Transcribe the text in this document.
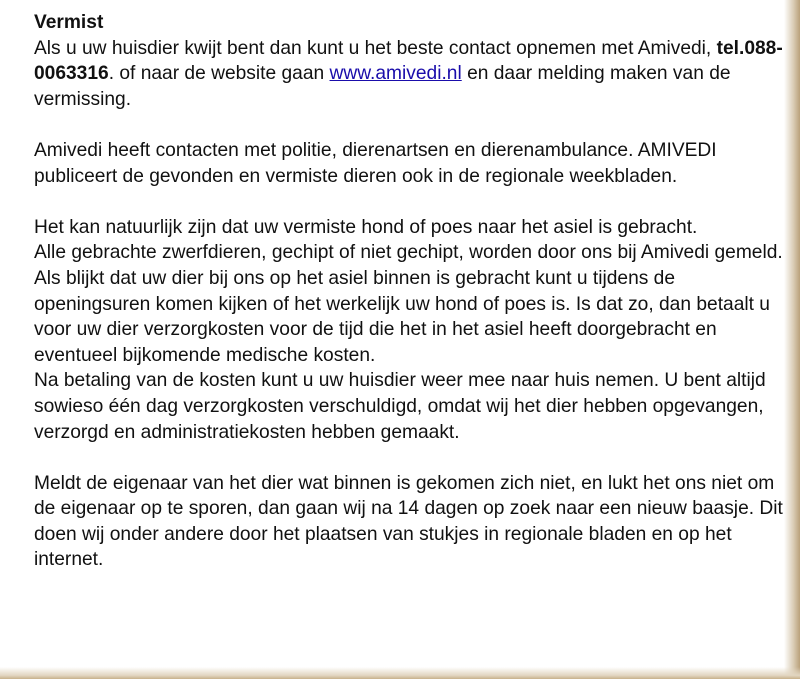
Vermist

Als u uw huisdier kwijt bent dan kunt u het beste contact opnemen met Amivedi, tel.088-0063316. of naar de website gaan www.amivedi.nl en daar melding maken van de vermissing.

Amivedi heeft contacten met politie, dierenartsen en dierenambulance. AMIVEDI publiceert de gevonden en vermiste dieren ook in de regionale weekbladen.

Het kan natuurlijk zijn dat uw vermiste hond of poes naar het asiel is gebracht.

Alle gebrachte zwerfdieren, gechipt of niet gechipt, worden door ons bij Amivedi gemeld. Als blijkt dat uw dier bij ons op het asiel binnen is gebracht kunt u tijdens de openingsuren komen kijken of het werkelijk uw hond of poes is. Is dat zo, dan betaalt u voor uw dier verzorgkosten voor de tijd die het in het asiel heeft doorgebracht en eventueel bijkomende medische kosten.

Na betaling van de kosten kunt u uw huisdier weer mee naar huis nemen. U bent altijd sowieso één dag verzorgkosten verschuldigd, omdat wij het dier hebben opgevangen, verzorgd en administratiekosten hebben gemaakt.

Meldt de eigenaar van het dier wat binnen is gekomen zich niet, en lukt het ons niet om de eigenaar op te sporen, dan gaan wij na 14 dagen op zoek naar een nieuw baasje. Dit doen wij onder andere door het plaatsen van stukjes in regionale bladen en op het internet.
